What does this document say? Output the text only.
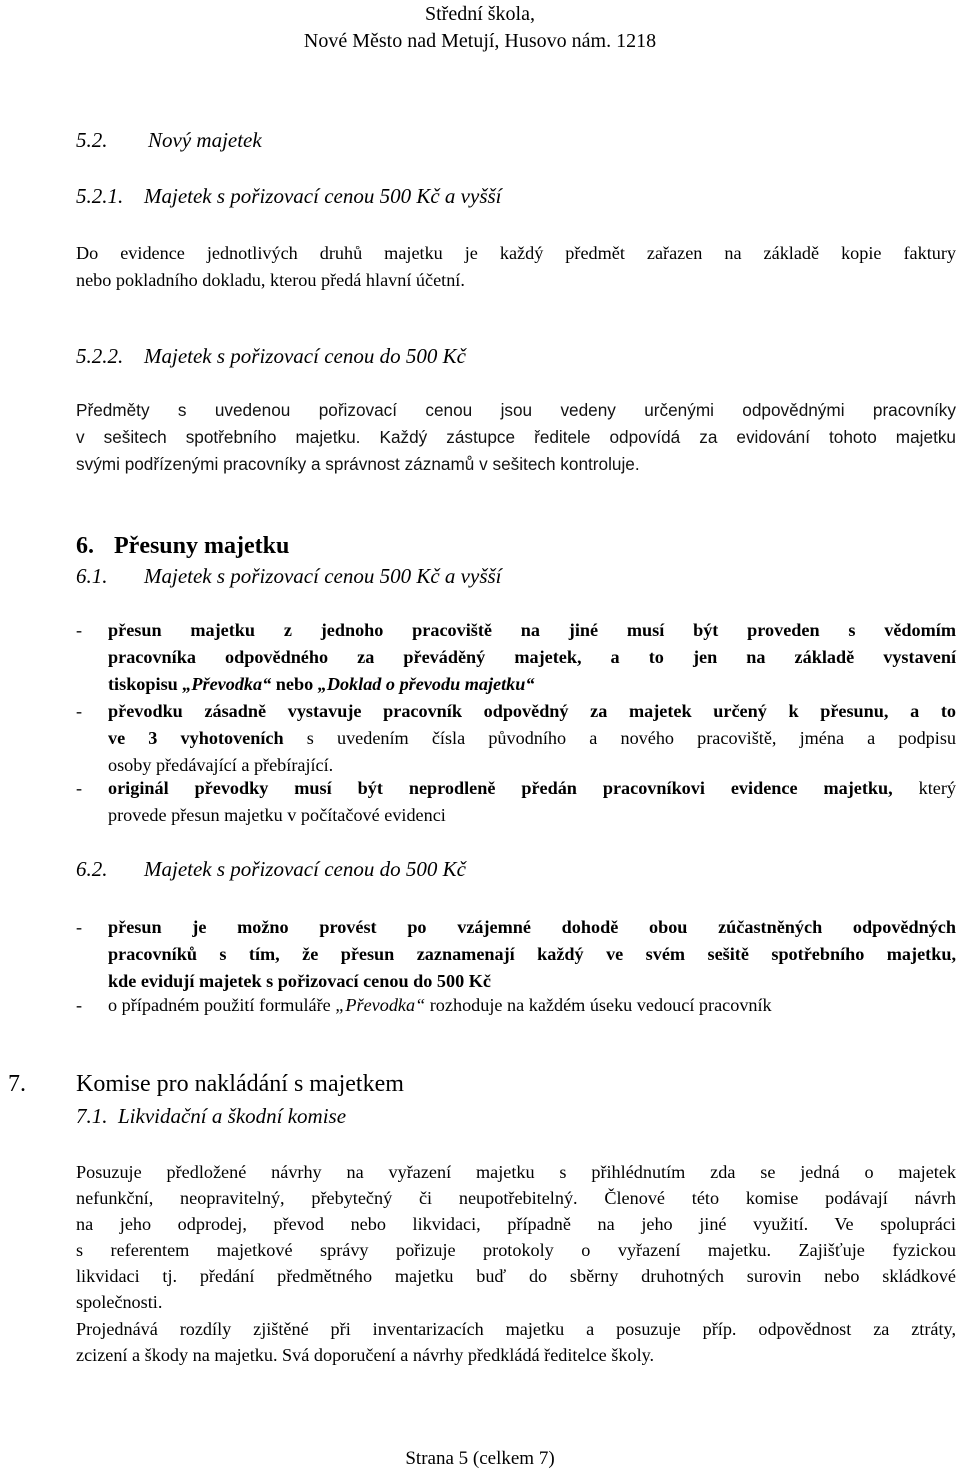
Střední škola,
Nové Město nad Metují, Husovo nám. 1218
5.2. Nový majetek
5.2.1. Majetek s pořizovací cenou 500 Kč a vyšší
Do evidence jednotlivých druhů majetku je každý předmět zařazen na základě kopie faktury
nebo pokladního dokladu, kterou předá hlavní účetní.
5.2.2. Majetek s pořizovací cenou do 500 Kč
Předměty s uvedenou pořizovací cenou jsou vedeny určenými odpovědnými pracovníky
v sešitech spotřebního majetku. Každý zástupce ředitele odpovídá za evidování tohoto majetku
svými podřízenými pracovníky a správnost záznamů v sešitech kontroluje.
6. Přesuny majetku
6.1. Majetek s pořizovací cenou 500 Kč a vyšší
- přesun majetku z jednoho pracoviště na jiné musí být proveden s vědomím
pracovníka odpovědného za převáděný majetek, a to jen na základě vystavení
tiskopisu „Převodka“ nebo „Doklad o převodu majetku“
- převodku zásadně vystavuje pracovník odpovědný za majetek určený k přesunu, a to
ve 3 vyhotoveních s uvedením čísla původního a nového pracoviště, jména a podpisu
osoby předávající a přebírající.
- originál převodky musí být neprodleně předán pracovníkovi evidence majetku, který
provede přesun majetku v počítačové evidenci
6.2. Majetek s pořizovací cenou do 500 Kč
- přesun je možno provést po vzájemné dohodě obou zúčastněných odpovědných
pracovníků s tím, že přesun zaznamenají každý ve svém sešitě spotřebního majetku,
kde evidují majetek s pořizovací cenou do 500 Kč
- o případném použití formuláře „Převodka“ rozhoduje na každém úseku vedoucí pracovník
7. Komise pro nakládání s majetkem
7.1. Likvidační a škodní komise
Posuzuje předložené návrhy na vyřazení majetku s přihlédnutím zda se jedná o majetek
nefunkční, neopravitelný, přebytečný či neupotřebitelný. Členové této komise podávají návrh
na jeho odprodej, převod nebo likvidaci, případně na jeho jiné využití. Ve spolupráci
s referentem majetkové správy pořizuje protokoly o vyřazení majetku. Zajišťuje fyzickou
likvidaci tj. předání předmětného majetku buď do sběrny druhotných surovin nebo skládkové
společnosti.
Projednává rozdíly zjištěné při inventarizacích majetku a posuzuje příp. odpovědnost za ztráty,
zcizení a škody na majetku. Svá doporučení a návrhy předkládá ředitelce školy.
Strana 5 (celkem 7)
